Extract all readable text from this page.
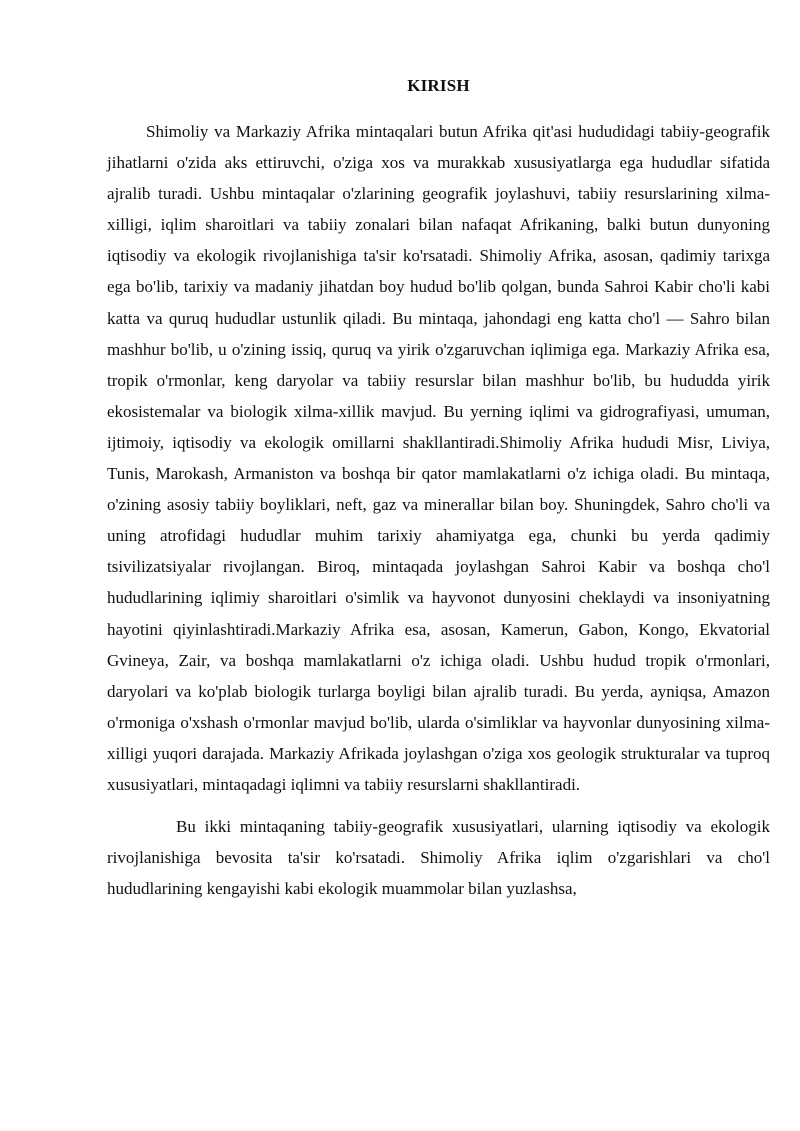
KIRISH

Shimoliy va Markaziy Afrika mintaqalari butun Afrika qit'asi hududidagi tabiiy-geografik jihatlarni o'zida aks ettiruvchi, o'ziga xos va murakkab xususiyatlarga ega hududlar sifatida ajralib turadi. Ushbu mintaqalar o'zlarining geografik joylashuvi, tabiiy resurslarining xilma-xilligi, iqlim sharoitlari va tabiiy zonalari bilan nafaqat Afrikaning, balki butun dunyoning iqtisodiy va ekologik rivojlanishiga ta'sir ko'rsatadi. Shimoliy Afrika, asosan, qadimiy tarixga ega bo'lib, tarixiy va madaniy jihatdan boy hudud bo'lib qolgan, bunda Sahroi Kabir cho'li kabi katta va quruq hududlar ustunlik qiladi. Bu mintaqa, jahondagi eng katta cho'l — Sahro bilan mashhur bo'lib, u o'zining issiq, quruq va yirik o'zgaruvchan iqlimiga ega. Markaziy Afrika esa, tropik o'rmonlar, keng daryolar va tabiiy resurslar bilan mashhur bo'lib, bu hududda yirik ekosistemalar va biologik xilma-xillik mavjud. Bu yerning iqlimi va gidrografiyasi, umuman, ijtimoiy, iqtisodiy va ekologik omillarni shakllantiradi.Shimoliy Afrika hududi Misr, Liviya, Tunis, Marokash, Armaniston va boshqa bir qator mamlakatlarni o'z ichiga oladi. Bu mintaqa, o'zining asosiy tabiiy boyliklari, neft, gaz va minerallar bilan boy. Shuningdek, Sahro cho'li va uning atrofidagi hududlar muhim tarixiy ahamiyatga ega, chunki bu yerda qadimiy tsivilizatsiyalar rivojlangan. Biroq, mintaqada joylashgan Sahroi Kabir va boshqa cho'l hududlarining iqlimiy sharoitlari o'simlik va hayvonot dunyosini cheklaydi va insoniyatning hayotini qiyinlashtiradi.Markaziy Afrika esa, asosan, Kamerun, Gabon, Kongo, Ekvatorial Gvineya, Zair, va boshqa mamlakatlarni o'z ichiga oladi. Ushbu hudud tropik o'rmonlari, daryolari va ko'plab biologik turlarga boyligi bilan ajralib turadi. Bu yerda, ayniqsa, Amazon o'rmoniga o'xshash o'rmonlar mavjud bo'lib, ularda o'simliklar va hayvonlar dunyosining xilma-xilligi yuqori darajada. Markaziy Afrikada joylashgan o'ziga xos geologik strukturalar va tuproq xususiyatlari, mintaqadagi iqlimni va tabiiy resurslarni shakllantiradi.

Bu ikki mintaqaning tabiiy-geografik xususiyatlari, ularning iqtisodiy va ekologik rivojlanishiga bevosita ta'sir ko'rsatadi. Shimoliy Afrika iqlim o'zgarishlari va cho'l hududlarining kengayishi kabi ekologik muammolar bilan yuzlashsa,
